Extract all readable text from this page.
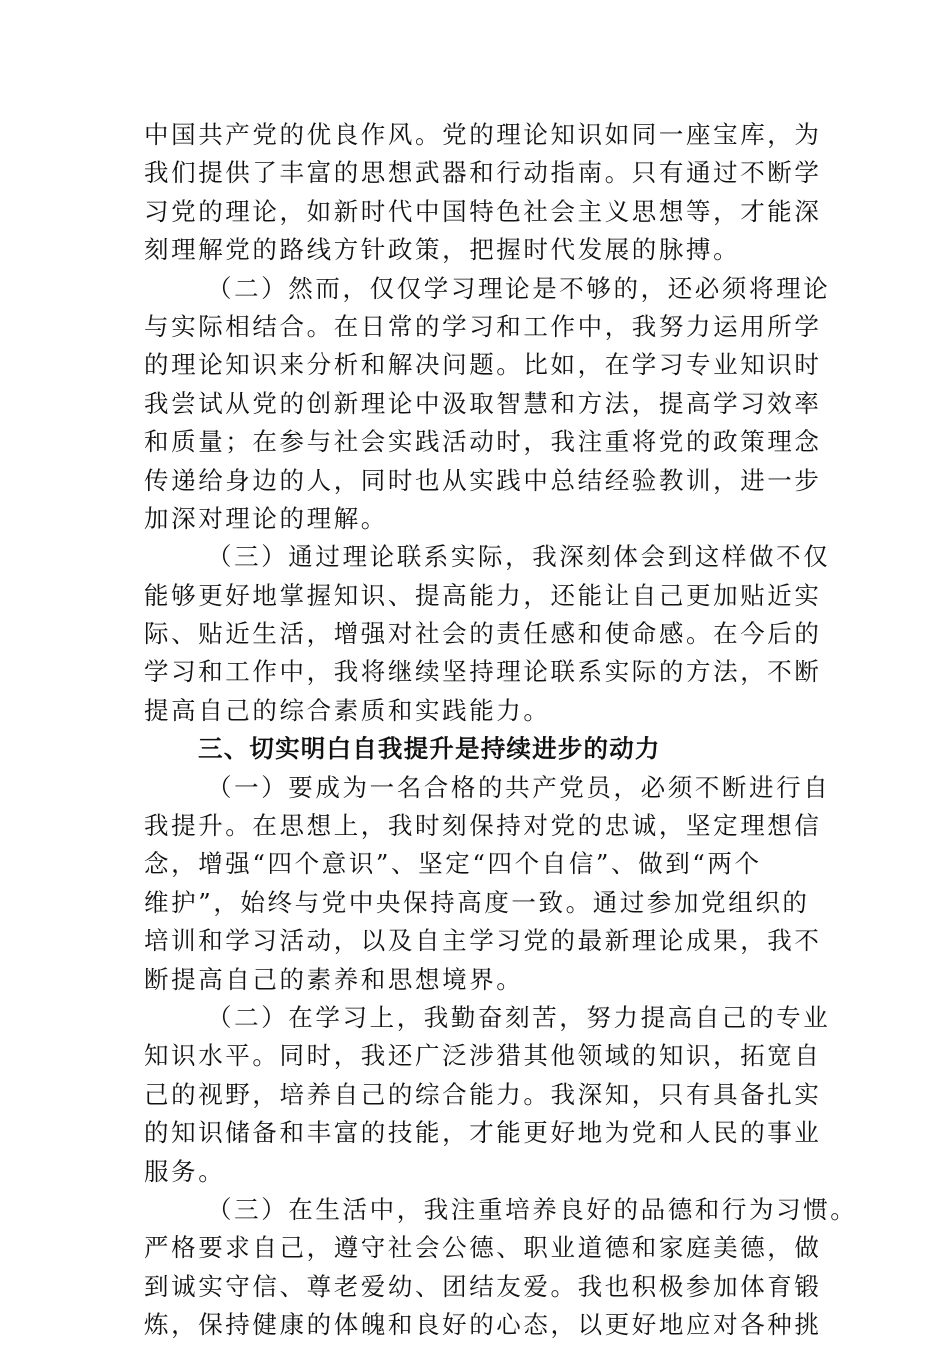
中国共产党的优良作风。党的理论知识如同一座宝库，为
我们提供了丰富的思想武器和行动指南。只有通过不断学
习党的理论，如新时代中国特色社会主义思想等，才能深
刻理解党的路线方针政策，把握时代发展的脉搏。
（二）然而，仅仅学习理论是不够的，还必须将理论
与实际相结合。在日常的学习和工作中，我努力运用所学
的理论知识来分析和解决问题。比如，在学习专业知识时
我尝试从党的创新理论中汲取智慧和方法，提高学习效率
和质量；在参与社会实践活动时，我注重将党的政策理念
传递给身边的人，同时也从实践中总结经验教训，进一步
加深对理论的理解。
（三）通过理论联系实际，我深刻体会到这样做不仅
能够更好地掌握知识、提高能力，还能让自己更加贴近实
际、贴近生活，增强对社会的责任感和使命感。在今后的
学习和工作中，我将继续坚持理论联系实际的方法，不断
提高自己的综合素质和实践能力。
三、切实明白自我提升是持续进步的动力
（一）要成为一名合格的共产党员，必须不断进行自
我提升。在思想上，我时刻保持对党的忠诚，坚定理想信
念，增强“四个意识”、坚定“四个自信”、做到“两个
维护”，始终与党中央保持高度一致。通过参加党组织的
培训和学习活动，以及自主学习党的最新理论成果，我不
断提高自己的素养和思想境界。
（二）在学习上，我勤奋刻苦，努力提高自己的专业
知识水平。同时，我还广泛涉猎其他领域的知识，拓宽自
己的视野，培养自己的综合能力。我深知，只有具备扎实
的知识储备和丰富的技能，才能更好地为党和人民的事业
服务。
（三）在生活中，我注重培养良好的品德和行为习惯。
严格要求自己，遵守社会公德、职业道德和家庭美德，做
到诚实守信、尊老爱幼、团结友爱。我也积极参加体育锻
炼，保持健康的体魄和良好的心态，以更好地应对各种挑
